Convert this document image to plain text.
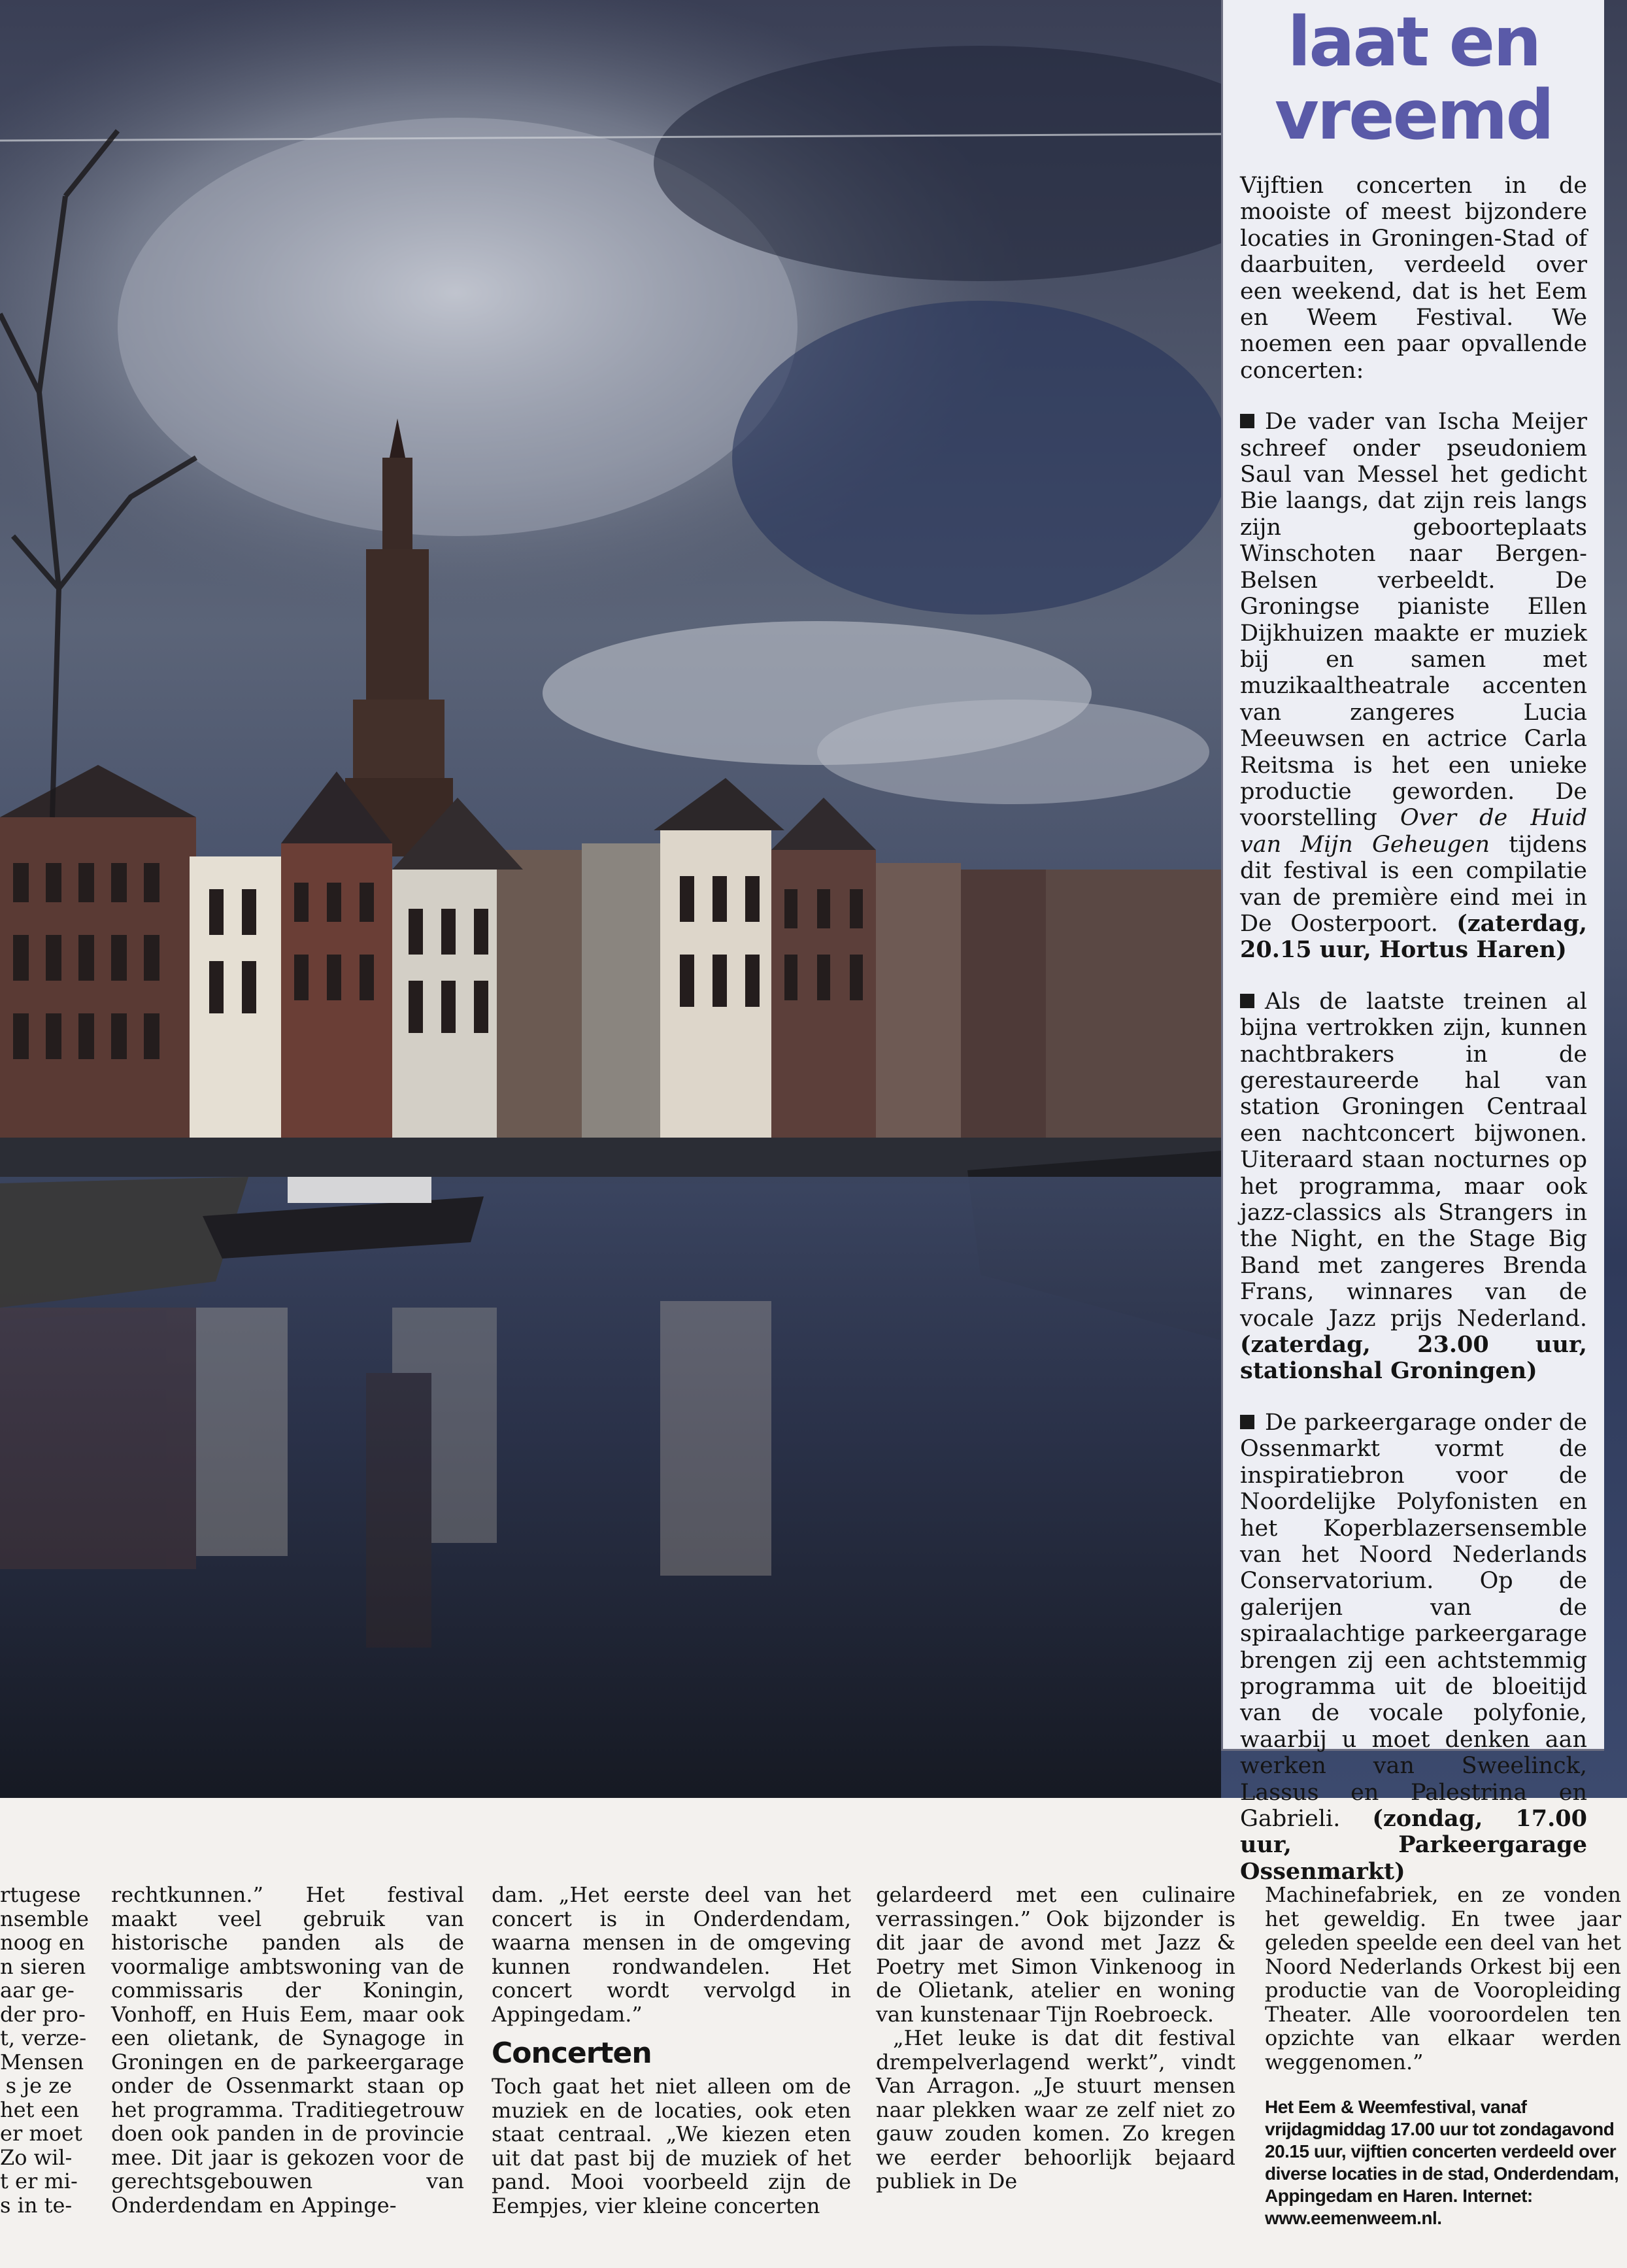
laat en
vreemd

Vijftien concerten in de mooiste of meest bijzondere locaties in Groningen-Stad of daarbuiten, verdeeld over een weekend, dat is het Eem en Weem Festival. We noemen een paar opvallende concerten:

De vader van Ischa Meijer schreef onder pseudoniem Saul van Messel het gedicht Bie laangs, dat zijn reis langs zijn geboorteplaats Winschoten naar Bergen-Belsen verbeeldt. De Groningse pianiste Ellen Dijkhuizen maakte er muziek bij en samen met muzikaaltheatrale accenten van zangeres Lucia Meeuwsen en actrice Carla Reitsma is het een unieke productie geworden. De voorstelling Over de Huid van Mijn Geheugen tijdens dit festival is een compilatie van de première eind mei in De Oosterpoort. (zaterdag, 20.15 uur, Hortus Haren)

Als de laatste treinen al bijna vertrokken zijn, kunnen nachtbrakers in de gerestaureerde hal van station Groningen Centraal een nachtconcert bijwonen. Uiteraard staan nocturnes op het programma, maar ook jazz-classics als Strangers in the Night, en the Stage Big Band met zangeres Brenda Frans, winnares van de vocale Jazz prijs Nederland. (zaterdag, 23.00 uur, stationshal Groningen)

De parkeergarage onder de Ossenmarkt vormt de inspiratiebron voor de Noordelijke Polyfonisten en het Koperblazersensemble van het Noord Nederlands Conservatorium. Op de galerijen van de spiraalachtige parkeergarage brengen zij een achtstemmig programma uit de bloeitijd van de vocale polyfonie, waarbij u moet denken aan werken van Sweelinck, Lassus en Palestrina en Gabrieli. (zondag, 17.00 uur, Parkeergarage Ossenmarkt)

rtugese
nsemble
noog en
n sieren
aar ge-
der pro-
t, verze-
Mensen
s je ze
het een
er moet
Zo wil-
t er mi-
s in te-

rechtkunnen.” Het festival maakt veel gebruik van historische panden als de voormalige ambtswoning van de commissaris der Koningin, Vonhoff, en Huis Eem, maar ook een olietank, de Synagoge in Groningen en de parkeergarage onder de Ossenmarkt staan op het programma. Traditiegetrouw doen ook panden in de provincie mee. Dit jaar is gekozen voor de gerechtsgebouwen van Onderdendam en Appinge-

dam. „Het eerste deel van het concert is in Onderdendam, waarna mensen in de omgeving kunnen rondwandelen. Het concert wordt vervolgd in Appingedam.”

Concerten

Toch gaat het niet alleen om de muziek en de locaties, ook eten staat centraal. „We kiezen eten uit dat past bij de muziek of het pand. Mooi voorbeeld zijn de Eempjes, vier kleine concerten

gelardeerd met een culinaire verrassingen.” Ook bijzonder is dit jaar de avond met Jazz & Poetry met Simon Vinkenoog in de Olietank, atelier en woning van kunstenaar Tijn Roebroeck.

„Het leuke is dat dit festival drempelverlagend werkt”, vindt Van Arragon. „Je stuurt mensen naar plekken waar ze zelf niet zo gauw zouden komen. Zo kregen we eerder behoorlijk bejaard publiek in De

Machinefabriek, en ze vonden het geweldig. En twee jaar geleden speelde een deel van het Noord Nederlands Orkest bij een productie van de Vooropleiding Theater. Alle vooroordelen ten opzichte van elkaar werden weggenomen.”

Het Eem & Weemfestival, vanaf vrijdagmiddag 17.00 uur tot zondagavond 20.15 uur, vijftien concerten verdeeld over diverse locaties in de stad, Onderdendam, Appingedam en Haren. Internet: www.eemenweem.nl.
